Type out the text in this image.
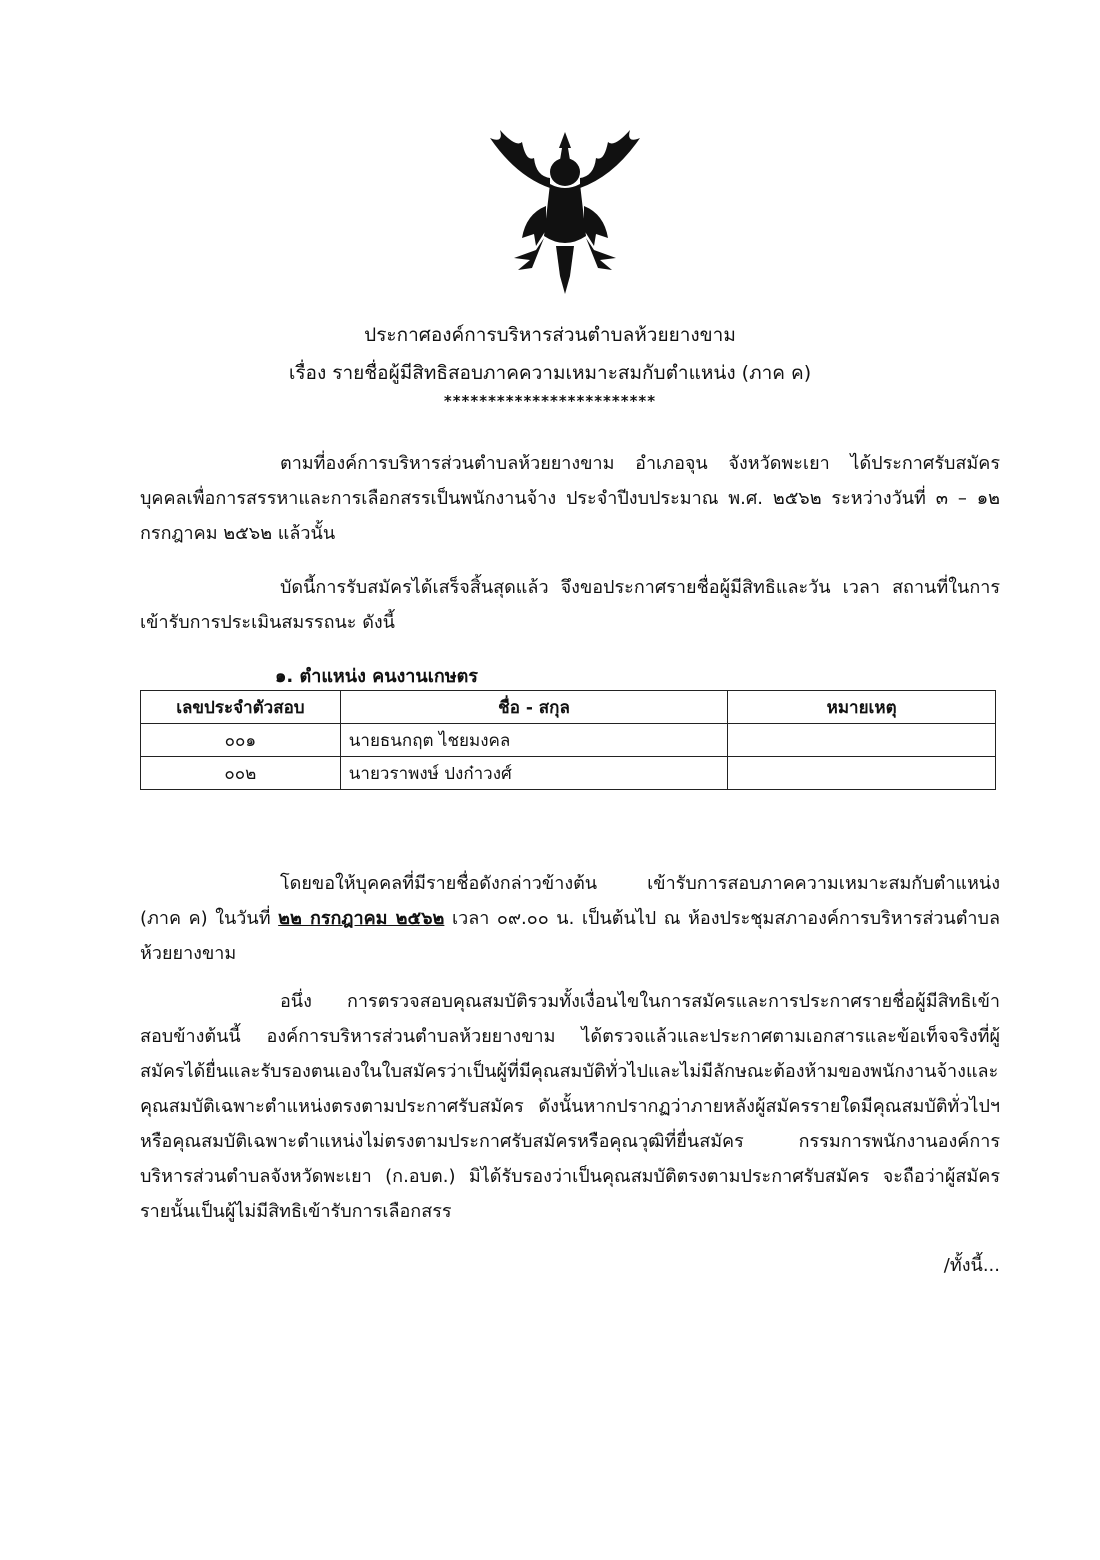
ประกาศองค์การบริหารส่วนตำบลห้วยยางขาม
เรื่อง รายชื่อผู้มีสิทธิสอบภาคความเหมาะสมกับตำแหน่ง (ภาค ค)
************************
ตามที่องค์การบริหารส่วนตำบลห้วยยางขาม อำเภอจุน จังหวัดพะเยา ได้ประกาศรับสมัครบุคคลเพื่อการสรรหาและการเลือกสรรเป็นพนักงานจ้าง ประจำปีงบประมาณ พ.ศ. ๒๕๖๒ ระหว่างวันที่ ๓ – ๑๒ กรกฎาคม ๒๕๖๒ แล้วนั้น
บัดนี้การรับสมัครได้เสร็จสิ้นสุดแล้ว จึงขอประกาศรายชื่อผู้มีสิทธิและวัน เวลา สถานที่ในการเข้ารับการประเมินสมรรถนะ ดังนี้
๑. ตำแหน่ง คนงานเกษตร
เลขประจำตัวสอบ	ชื่อ - สกุล	หมายเหตุ
๐๐๑	นายธนกฤต ไชยมงคล	
๐๐๒	นายวราพงษ์ ปงก๋าวงศ์	
โดยขอให้บุคคลที่มีรายชื่อดังกล่าวข้างต้น เข้ารับการสอบภาคความเหมาะสมกับตำแหน่ง (ภาค ค) ในวันที่ ๒๒ กรกฎาคม ๒๕๖๒ เวลา ๐๙.๐๐ น. เป็นต้นไป ณ ห้องประชุมสภาองค์การบริหารส่วนตำบลห้วยยางขาม
อนึ่ง การตรวจสอบคุณสมบัติรวมทั้งเงื่อนไขในการสมัครและการประกาศรายชื่อผู้มีสิทธิเข้าสอบข้างต้นนี้ องค์การบริหารส่วนตำบลห้วยยางขาม ได้ตรวจแล้วและประกาศตามเอกสารและข้อเท็จจริงที่ผู้สมัครได้ยื่นและรับรองตนเองในใบสมัครว่าเป็นผู้ที่มีคุณสมบัติทั่วไปและไม่มีลักษณะต้องห้ามของพนักงานจ้างและคุณสมบัติเฉพาะตำแหน่งตรงตามประกาศรับสมัคร ดังนั้นหากปรากฏว่าภายหลังผู้สมัครรายใดมีคุณสมบัติทั่วไปฯ หรือคุณสมบัติเฉพาะตำแหน่งไม่ตรงตามประกาศรับสมัครหรือคุณวุฒิที่ยื่นสมัคร กรรมการพนักงานองค์การบริหารส่วนตำบลจังหวัดพะเยา (ก.อบต.) มิได้รับรองว่าเป็นคุณสมบัติตรงตามประกาศรับสมัคร จะถือว่าผู้สมัครรายนั้นเป็นผู้ไม่มีสิทธิเข้ารับการเลือกสรร
/ทั้งนี้...
